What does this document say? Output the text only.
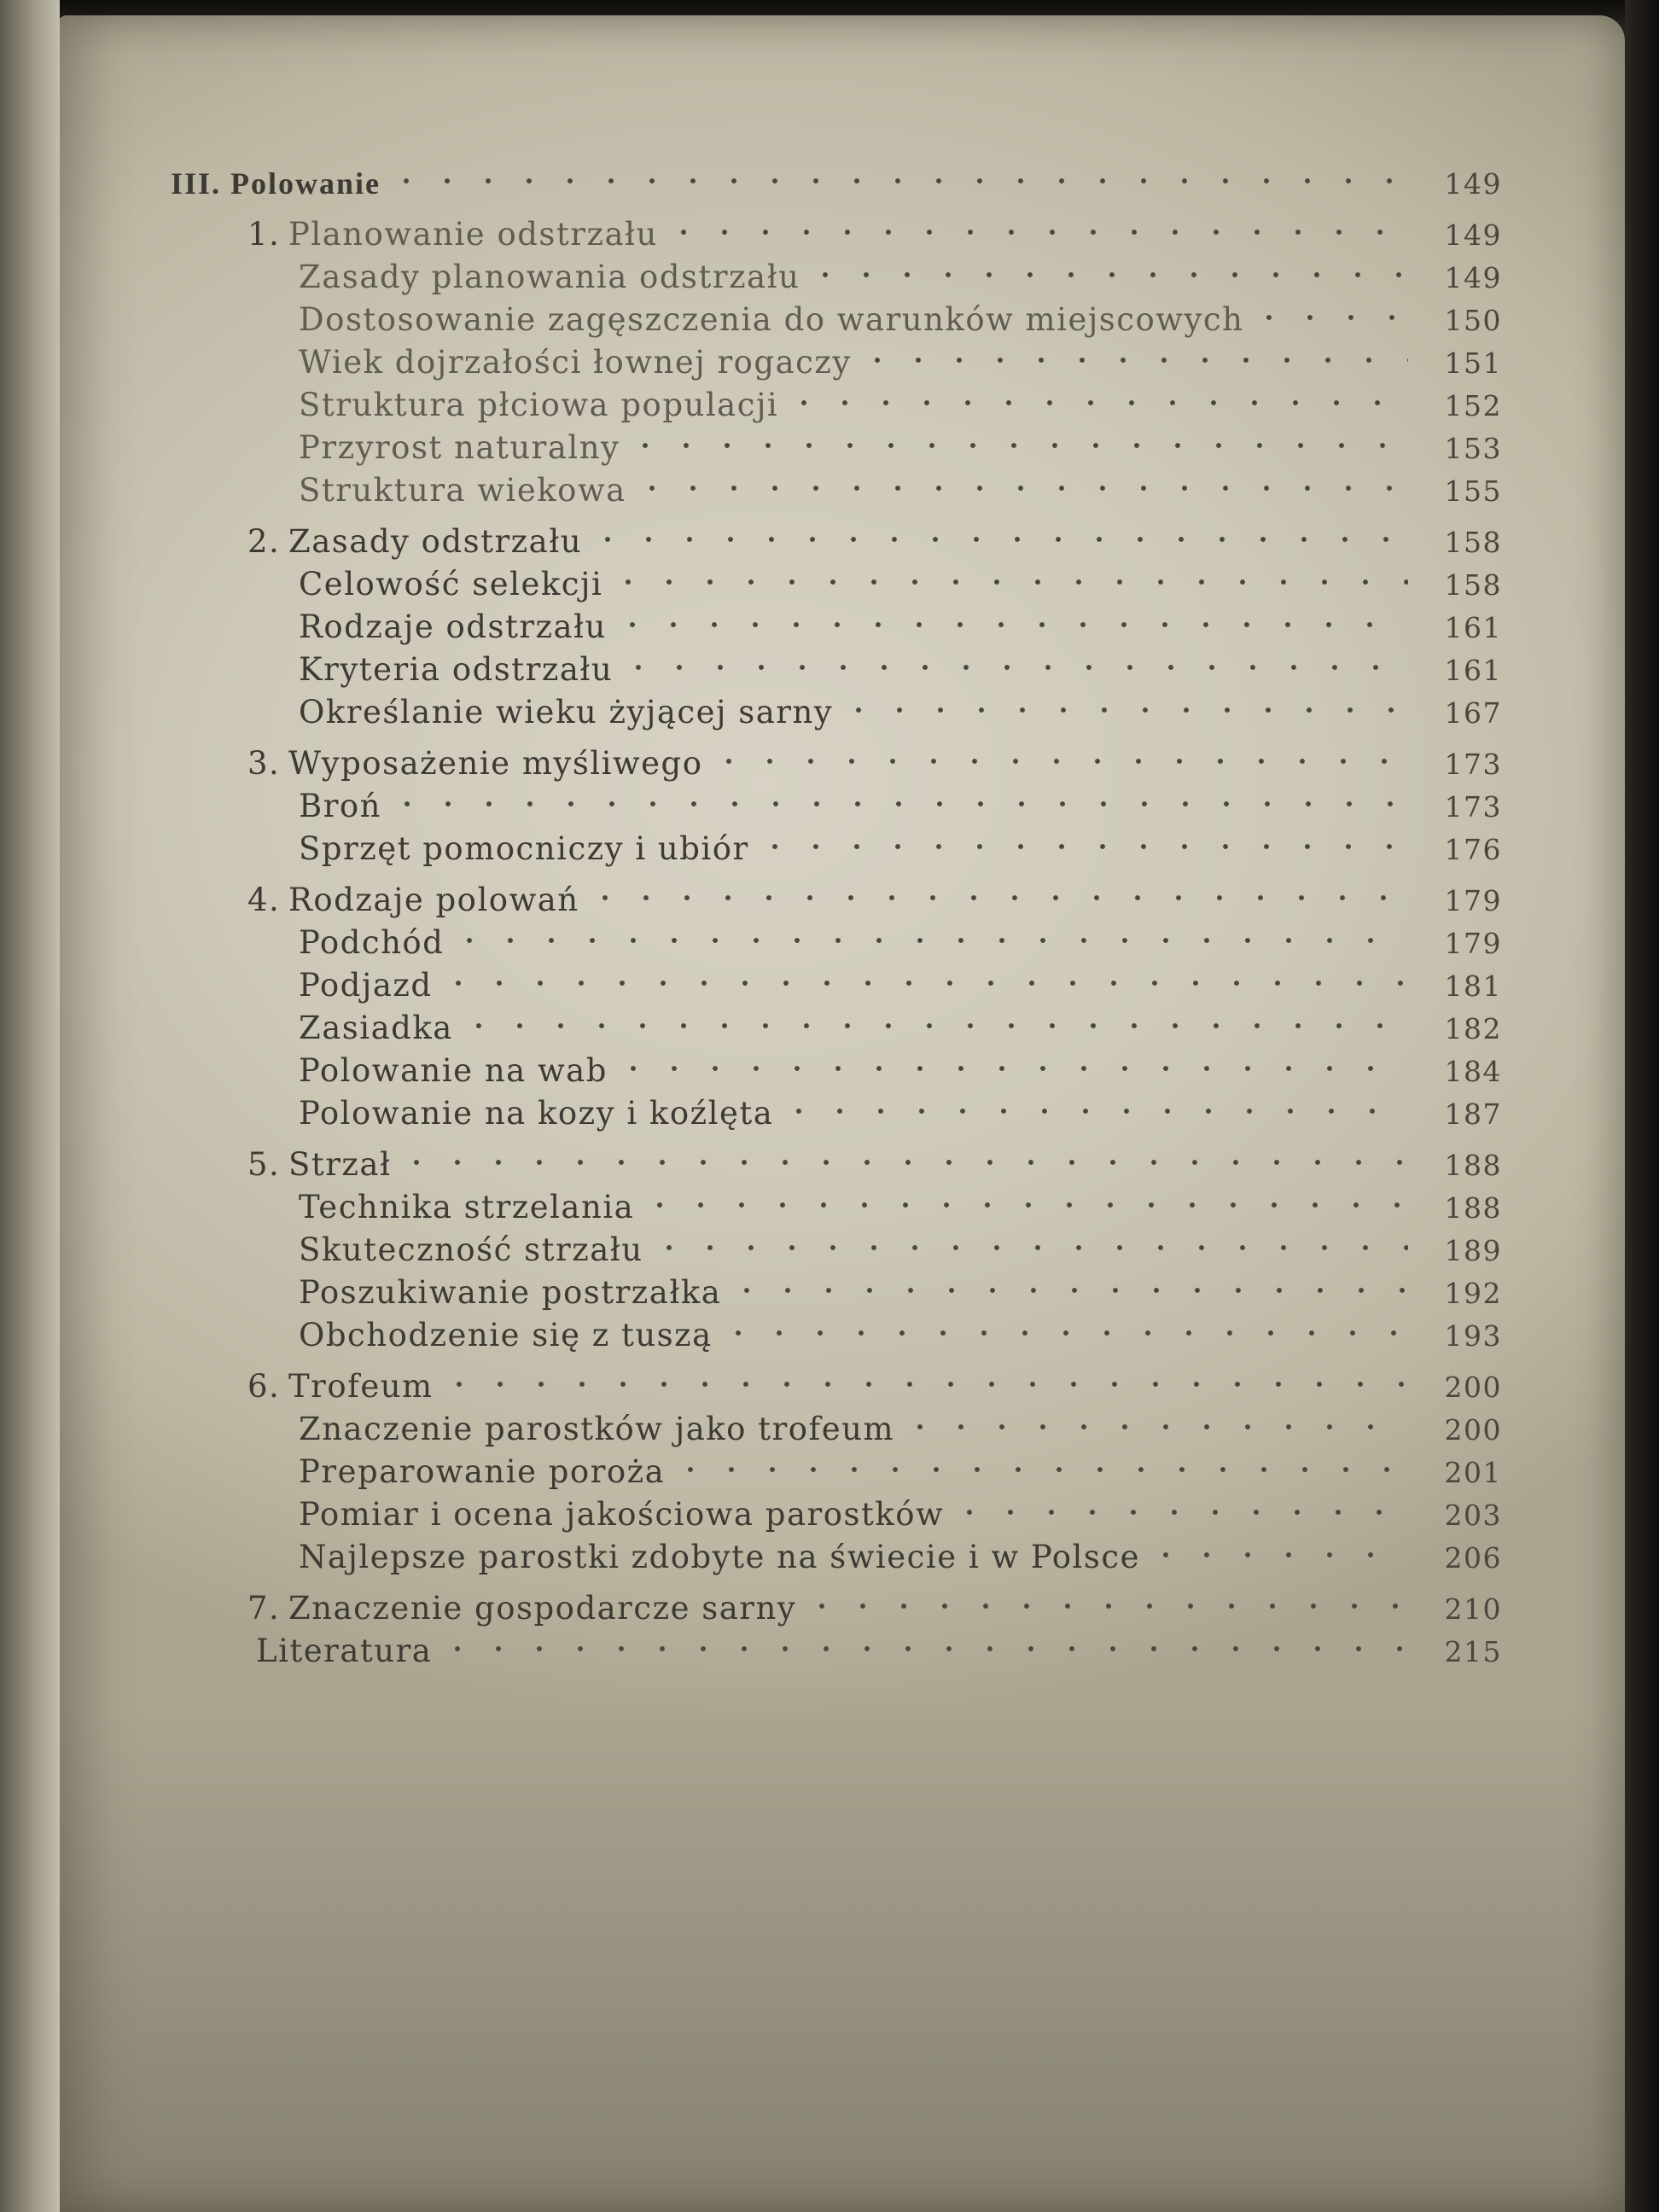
III. Polowanie	149
1. Planowanie odstrzału	149
Zasady planowania odstrzału	149
Dostosowanie zagęszczenia do warunków miejscowych	150
Wiek dojrzałości łownej rogaczy	151
Struktura płciowa populacji	152
Przyrost naturalny	153
Struktura wiekowa	155
2. Zasady odstrzału	158
Celowość selekcji	158
Rodzaje odstrzału	161
Kryteria odstrzału	161
Określanie wieku żyjącej sarny	167
3. Wyposażenie myśliwego	173
Broń	173
Sprzęt pomocniczy i ubiór	176
4. Rodzaje polowań	179
Podchód	179
Podjazd	181
Zasiadka	182
Polowanie na wab	184
Polowanie na kozy i koźlęta	187
5. Strzał	188
Technika strzelania	188
Skuteczność strzału	189
Poszukiwanie postrzałka	192
Obchodzenie się z tuszą	193
6. Trofeum	200
Znaczenie parostków jako trofeum	200
Preparowanie poroża	201
Pomiar i ocena jakościowa parostków	203
Najlepsze parostki zdobyte na świecie i w Polsce	206
7. Znaczenie gospodarcze sarny	210
Literatura	215
